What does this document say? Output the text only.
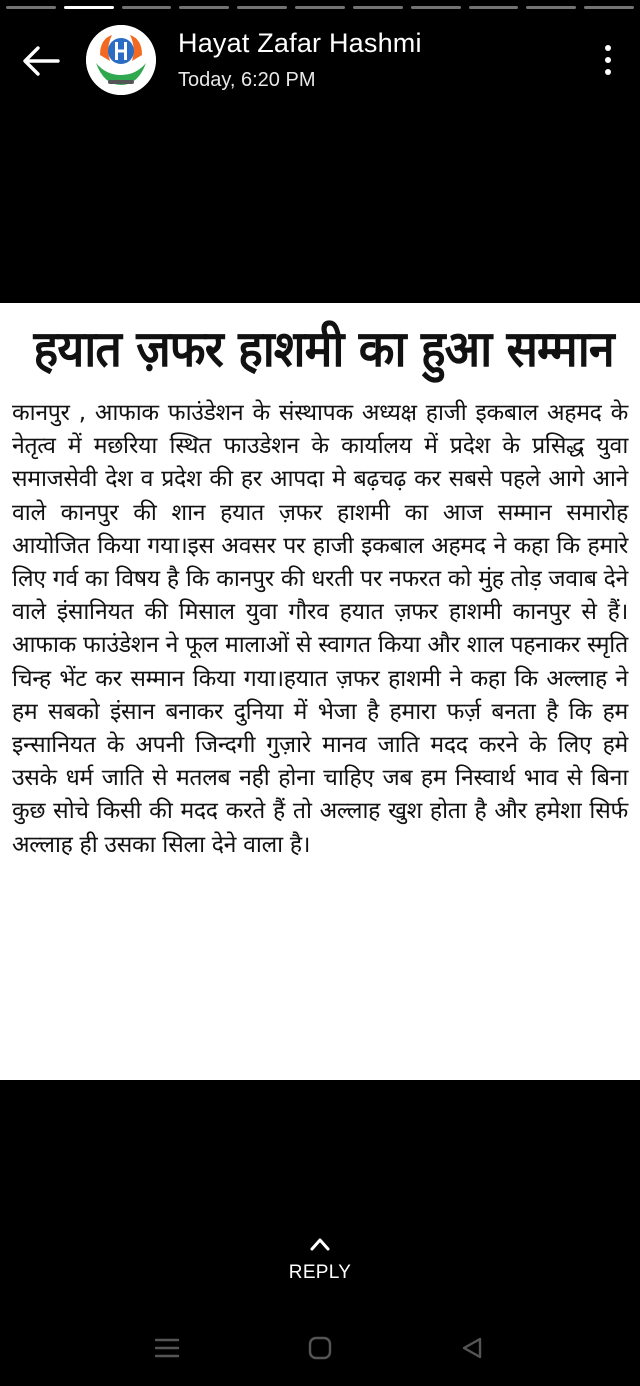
Hayat Zafar Hashmi
Today, 6:20 PM

हयात ज़फर हाशमी का हुआ सम्मान

कानपुर , आफाक फाउंडेशन के संस्थापक अध्यक्ष हाजी इकबाल अहमद के नेतृत्व में मछरिया स्थित फाउडेशन के कार्यालय में प्रदेश के प्रसिद्ध युवा समाजसेवी देश व प्रदेश की हर आपदा मे बढ़चढ़ कर सबसे पहले आगे आने वाले कानपुर की शान हयात ज़फर हाशमी का आज सम्मान समारोह आयोजित किया गया।इस अवसर पर हाजी इकबाल अहमद ने कहा कि हमारे लिए गर्व का विषय है कि कानपुर की धरती पर नफरत को मुंह तोड़ जवाब देने वाले इंसानियत की मिसाल युवा गौरव हयात ज़फर हाशमी कानपुर से हैं। आफाक फाउंडेशन ने फूल मालाओं से स्वागत किया और शाल पहनाकर स्मृति चिन्ह भेंट कर सम्मान किया गया।हयात ज़फर हाशमी ने कहा कि अल्लाह ने हम सबको इंसान बनाकर दुनिया में भेजा है हमारा फर्ज़ बनता है कि हम इन्सानियत के अपनी जिन्दगी गुज़ारे मानव जाति मदद करने के लिए हमे उसके धर्म जाति से मतलब नही होना चाहिए जब हम निस्वार्थ भाव से बिना कुछ सोचे किसी की मदद करते हैं तो अल्लाह खुश होता है और हमेशा सिर्फ अल्लाह ही उसका सिला देने वाला है।

REPLY
